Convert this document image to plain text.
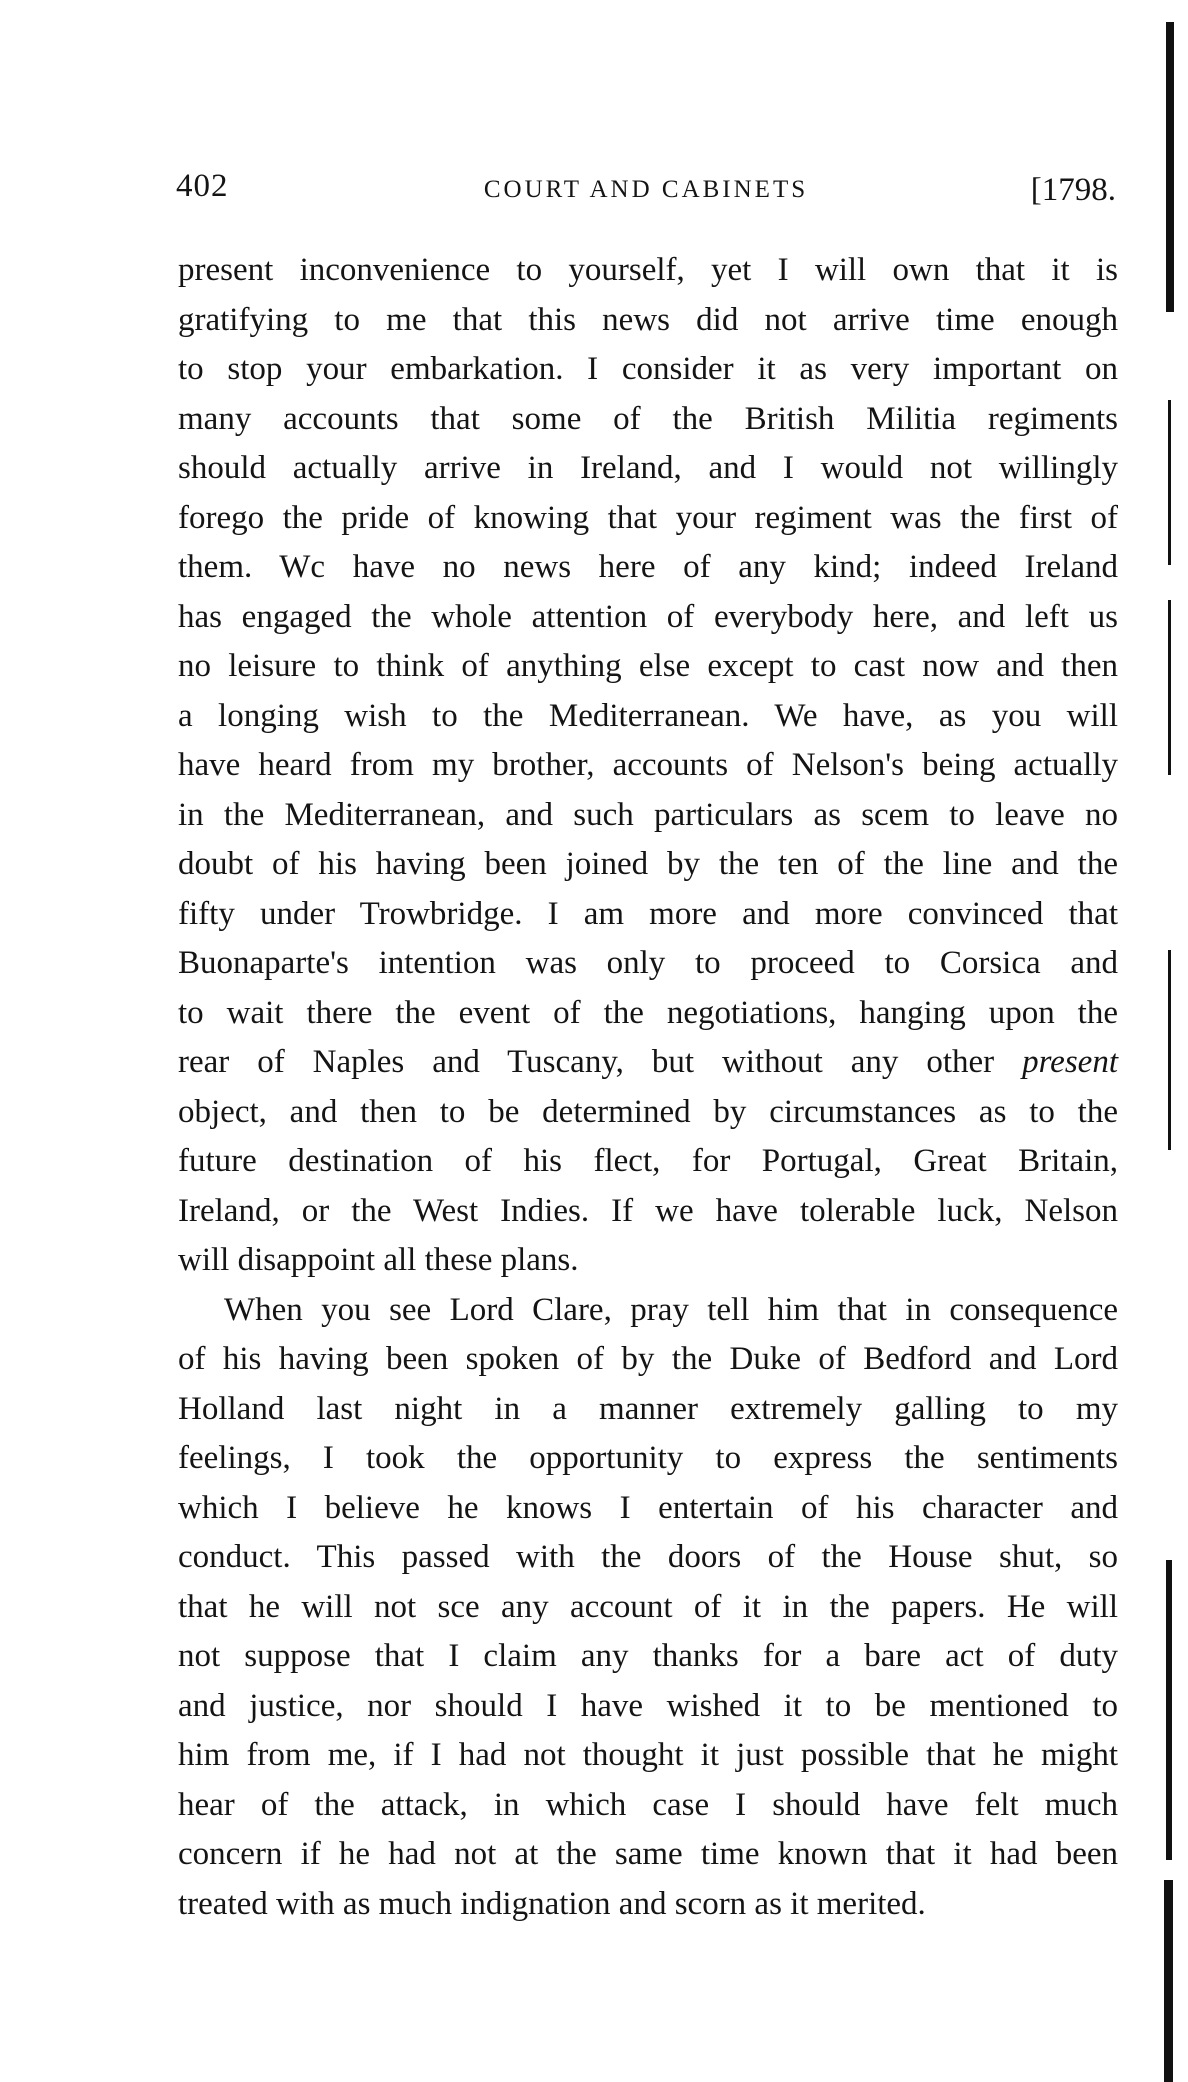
402	COURT AND CABINETS	[1798.
present inconvenience to yourself, yet I will own that it is
gratifying to me that this news did not arrive time enough
to stop your embarkation. I consider it as very important on
many accounts that some of the British Militia regiments
should actually arrive in Ireland, and I would not willingly
forego the pride of knowing that your regiment was the first of
them. Wc have no news here of any kind; indeed Ireland
has engaged the whole attention of everybody here, and left us
no leisure to think of anything else except to cast now and then
a longing wish to the Mediterranean. We have, as you will
have heard from my brother, accounts of Nelson's being actually
in the Mediterranean, and such particulars as scem to leave no
doubt of his having been joined by the ten of the line and the
fifty under Trowbridge. I am more and more convinced that
Buonaparte's intention was only to proceed to Corsica and
to wait there the event of the negotiations, hanging upon the
rear of Naples and Tuscany, but without any other present
object, and then to be determined by circumstances as to the
future destination of his flect, for Portugal, Great Britain,
Ireland, or the West Indies. If we have tolerable luck, Nelson
will disappoint all these plans.
When you see Lord Clare, pray tell him that in consequence
of his having been spoken of by the Duke of Bedford and Lord
Holland last night in a manner extremely galling to my
feelings, I took the opportunity to express the sentiments
which I believe he knows I entertain of his character and
conduct. This passed with the doors of the House shut, so
that he will not sce any account of it in the papers. He will
not suppose that I claim any thanks for a bare act of duty
and justice, nor should I have wished it to be mentioned to
him from me, if I had not thought it just possible that he might
hear of the attack, in which case I should have felt much
concern if he had not at the same time known that it had been
treated with as much indignation and scorn as it merited.
